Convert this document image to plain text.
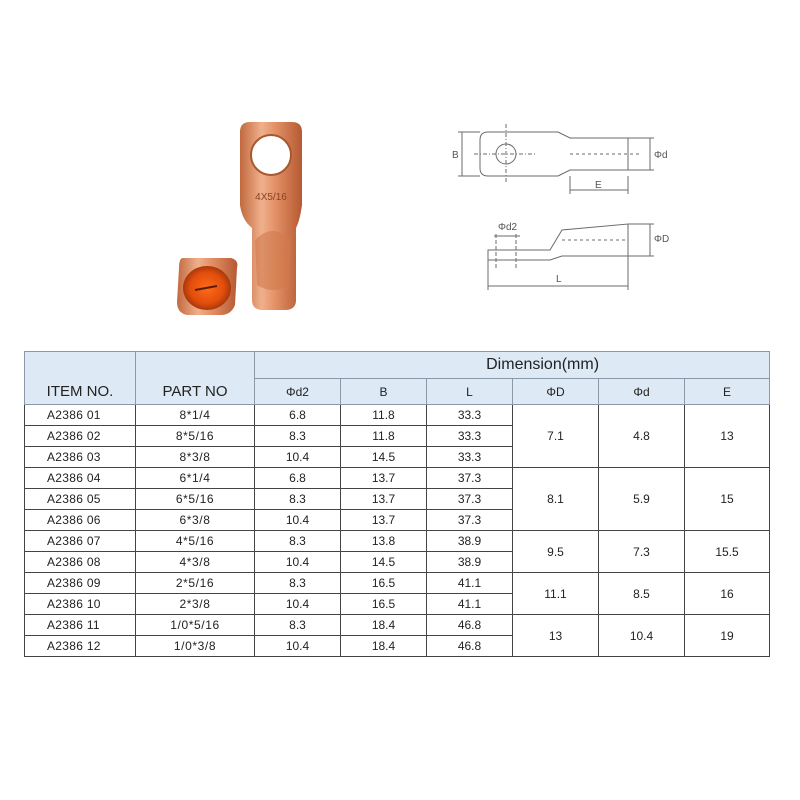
4X5/16
B	Φd
E
Φd2
ΦD
L
ITEM NO.	PART NO	Dimension(mm)					
		Φd2	B	L	ΦD	Φd	E
A2386 01	8*1/4	6.8	11.8	33.3	7.1	4.8	13
A2386 02	8*5/16	8.3	11.8	33.3			
A2386 03	8*3/8	10.4	14.5	33.3			
A2386 04	6*1/4	6.8	13.7	37.3	8.1	5.9	15
A2386 05	6*5/16	8.3	13.7	37.3			
A2386 06	6*3/8	10.4	13.7	37.3			
A2386 07	4*5/16	8.3	13.8	38.9	9.5	7.3	15.5
A2386 08	4*3/8	10.4	14.5	38.9			
A2386 09	2*5/16	8.3	16.5	41.1	11.1	8.5	16
A2386 10	2*3/8	10.4	16.5	41.1			
A2386 11	1/0*5/16	8.3	18.4	46.8	13	10.4	19
A2386 12	1/0*3/8	10.4	18.4	46.8			
